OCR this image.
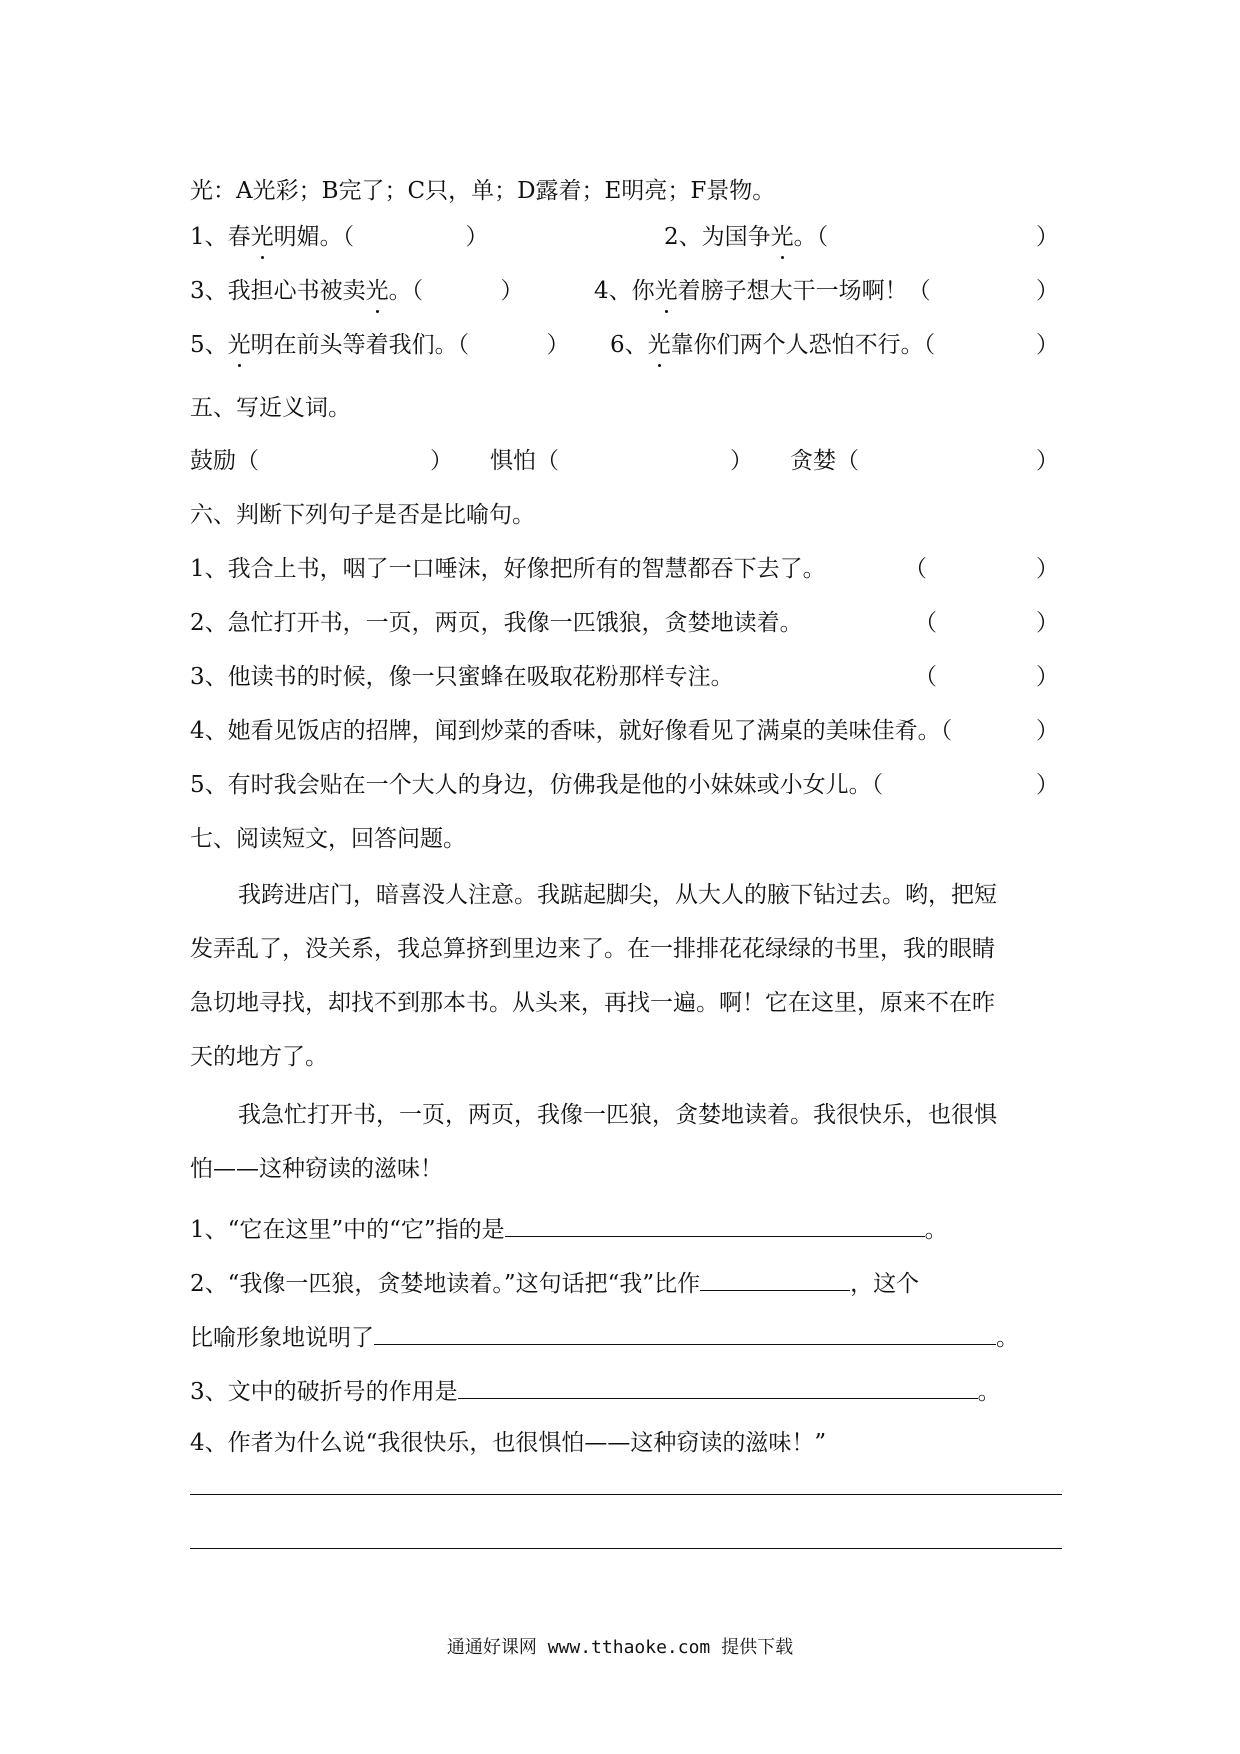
光：A光彩；B完了；C只，单；D露着；E明亮；F景物。
1、春光明媚。（	）	2、为国争光。（	）
3、我担心书被卖光。（	）	4、你光着膀子想大干一场啊！（	）
5、光明在前头等着我们。（	） 6、光靠你们两个人恐怕不行。（	）
五、写近义词。
鼓励（	） 惧怕（	） 贪婪（	）
六、判断下列句子是否是比喻句。
1、我合上书，咽了一口唾沫，好像把所有的智慧都吞下去了。	（	）
2、急忙打开书，一页，两页，我像一匹饿狼，贪婪地读着。	（	）
3、他读书的时候，像一只蜜蜂在吸取花粉那样专注。	（	）
4、她看见饭店的招牌，闻到炒菜的香味，就好像看见了满桌的美味佳肴。（	）
5、有时我会贴在一个大人的身边，仿佛我是他的小妹妹或小女儿。（	）
七、阅读短文，回答问题。
我跨进店门，暗喜没人注意。我踮起脚尖，从大人的腋下钻过去。哟，把短
发弄乱了，没关系，我总算挤到里边来了。在一排排花花绿绿的书里，我的眼睛
急切地寻找，却找不到那本书。从头来，再找一遍。啊！它在这里，原来不在昨
天的地方了。
我急忙打开书，一页，两页，我像一匹狼，贪婪地读着。我很快乐，也很惧
怕——这种窃读的滋味！
1、“它在这里”中的“它”指的是	。
2、“我像一匹狼，贪婪地读着。”这句话把“我”比作	，这个
比喻形象地说明了	。
3、文中的破折号的作用是	。
4、作者为什么说“我很快乐，也很惧怕——这种窃读的滋味！”
通通好课网 www.tthaoke.com 提供下载
